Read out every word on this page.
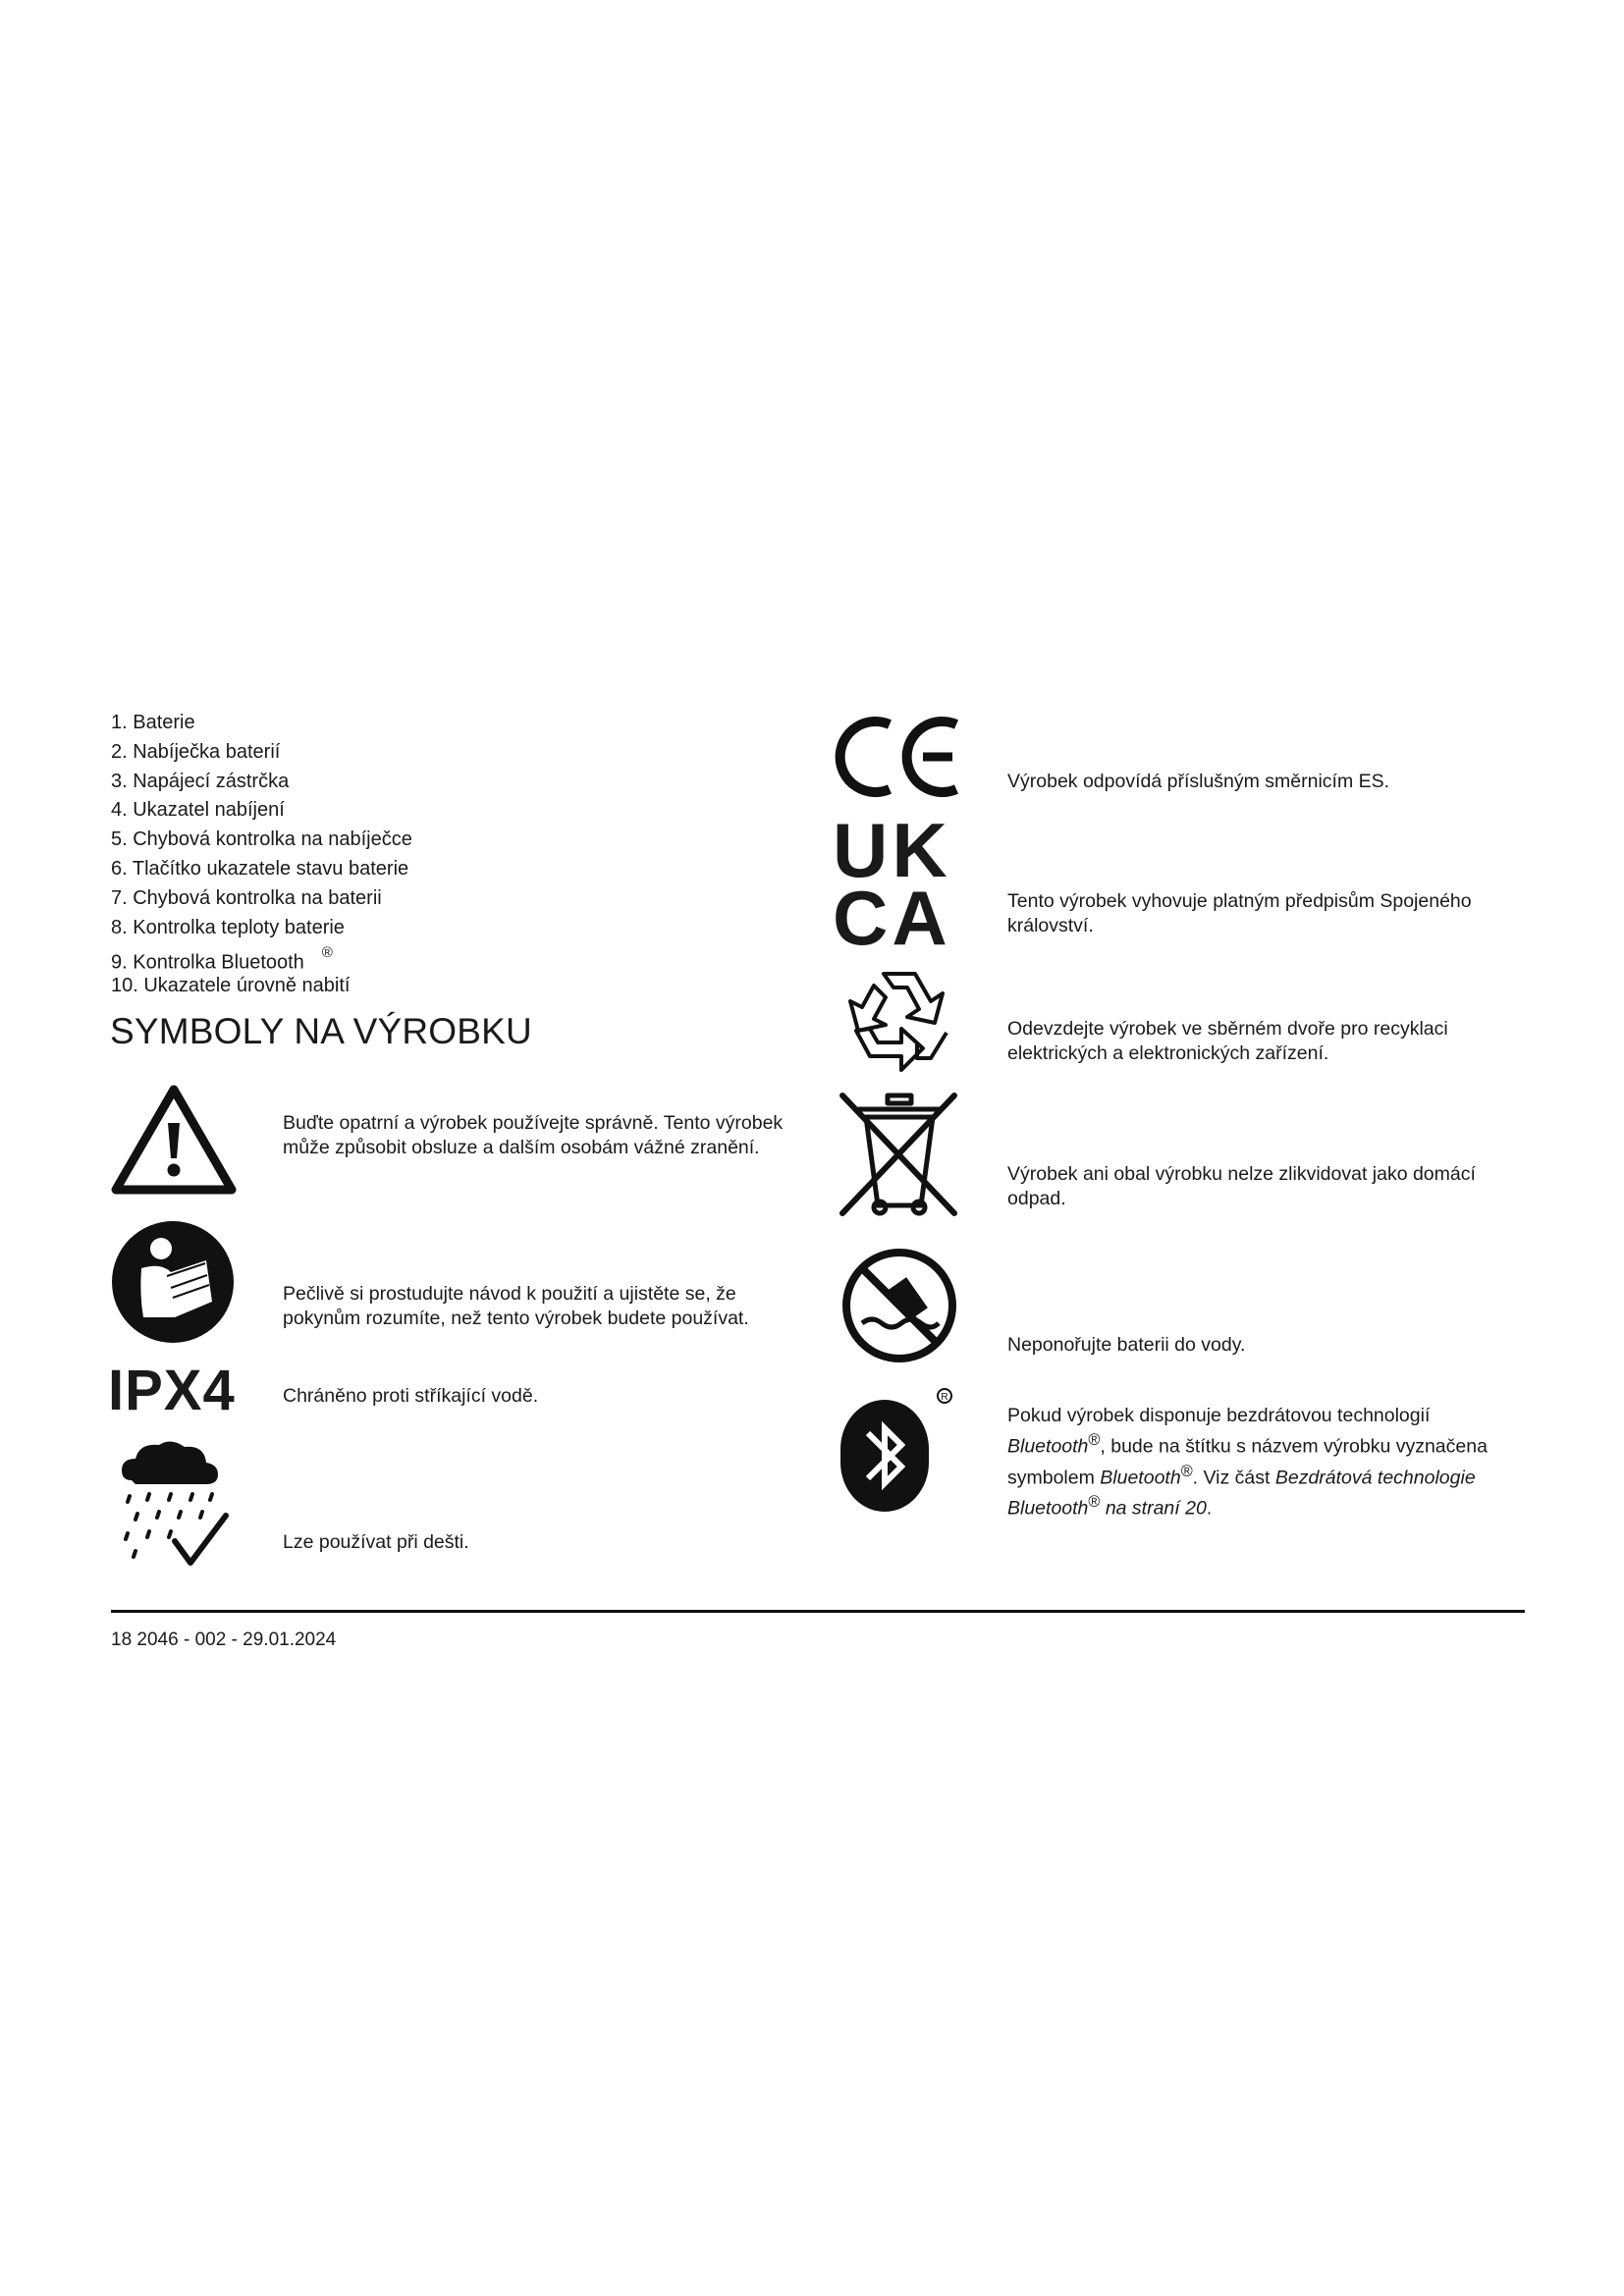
1. Baterie
2. Nabíječka baterií
3. Napájecí zástrčka
4. Ukazatel nabíjení
5. Chybová kontrolka na nabíječce
6. Tlačítko ukazatele stavu baterie
7. Chybová kontrolka na baterii
8. Kontrolka teploty baterie
9. Kontrolka Bluetooth ®
10. Ukazatele úrovně nabití
SYMBOLY NA VÝROBKU
Buďte opatrní a výrobek používejte správně. Tento výrobek může způsobit obsluze a dalším osobám vážné zranění.
Pečlivě si prostudujte návod k použití a ujistěte se, že pokynům rozumíte, než tento výrobek budete používat.
IPX4 Chráněno proti stříkající vodě.
Lze používat při dešti.
Výrobek odpovídá příslušným směrnicím ES.
UK CA	Tento výrobek vyhovuje platným předpisům Spojeného království.
Odevzdejte výrobek ve sběrném dvoře pro recyklaci elektrických a elektronických zařízení.
Výrobek ani obal výrobku nelze zlikvidovat jako domácí odpad.
Neponořujte baterii do vody.
R
Pokud výrobek disponuje bezdrátovou technologií
Bluetooth®, bude na štítku s názvem výrobku vyznačena symbolem Bluetooth®. Viz část Bezdrátová technologie Bluetooth® na straní 20.
18 2046 - 002 - 29.01.2024
